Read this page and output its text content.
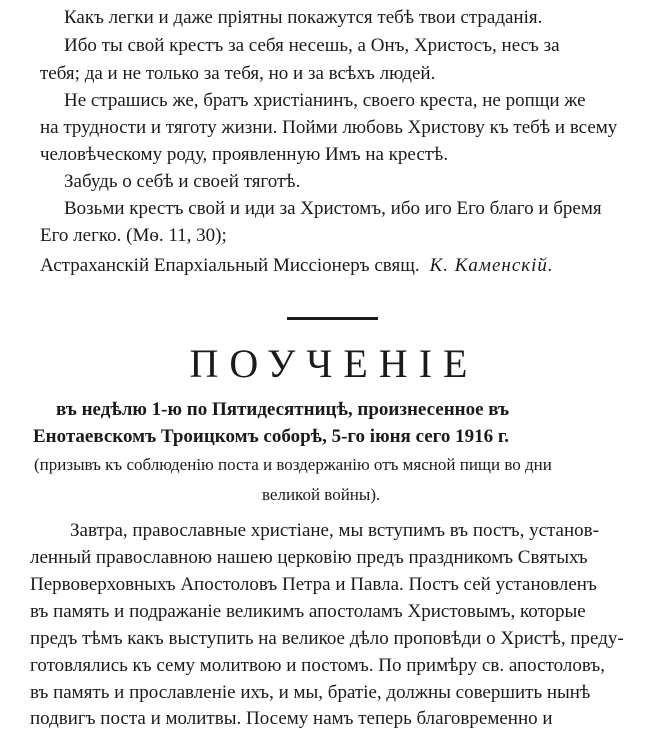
Какъ легки и даже пріятны покажутся тебѣ твои страданія.
Ибо ты свой крестъ за себя несешь, а Онъ, Христосъ, несъ за
тебя; да и не только за тебя, но и за всѣхъ людей.
Не страшись же, братъ христіанинъ, своего креста, не ропщи же
на трудности и тяготу жизни. Пойми любовь Христову къ тебѣ и всему
человѣческому роду, проявленную Имъ на крестѣ.
Забудь о себѣ и своей тяготѣ.
Возьми крестъ свой и иди за Христомъ, ибо иго Его благо и бремя
Его легко. (Мѳ. 11, 30);
Астраханскій Епархіальный Миссіонеръ свящ. К. Каменскій.
ПОУЧЕНІЕ
въ недѣлю 1-ю по Пятидесятницѣ, произнесенное въ
Енотаевскомъ Троицкомъ соборѣ, 5-го іюня сего 1916 г.
(призывъ къ соблюденію поста и воздержанію отъ мясной пищи во дни
великой войны).
Завтра, православные христіане, мы вступимъ въ постъ, установ-
ленный православною нашею церковію предъ праздникомъ Святыхъ
Первоверховныхъ Апостоловъ Петра и Павла. Постъ сей установленъ
въ память и подражаніе великимъ апостоламъ Христовымъ, которые
предъ тѣмъ какъ выступить на великое дѣло проповѣди о Христѣ, преду-
готовлялись къ сему молитвою и постомъ. По примѣру св. апостоловъ,
въ память и прославленіе ихъ, и мы, братіе, должны совершить нынѣ
подвигъ поста и молитвы. Посему намъ теперь благовременно и
